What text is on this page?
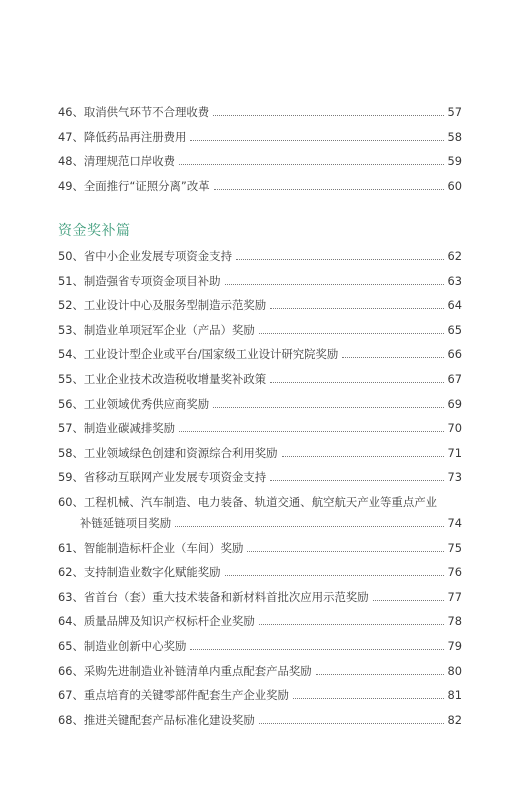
46、取消供气环节不合理收费	57
47、降低药品再注册费用	58
48、清理规范口岸收费	59
49、全面推行“证照分离”改革	60
资金奖补篇
50、省中小企业发展专项资金支持	62
51、制造强省专项资金项目补助	63
52、工业设计中心及服务型制造示范奖励	64
53、制造业单项冠军企业（产品）奖励	65
54、工业设计型企业或平台/国家级工业设计研究院奖励	66
55、工业企业技术改造税收增量奖补政策	67
56、工业领域优秀供应商奖励	69
57、制造业碳减排奖励	70
58、工业领域绿色创建和资源综合利用奖励	71
59、省移动互联网产业发展专项资金支持	73
60、工程机械、汽车制造、电力装备、轨道交通、航空航天产业等重点产业
补链延链项目奖励	74
61、智能制造标杆企业（车间）奖励	75
62、支持制造业数字化赋能奖励	76
63、省首台（套）重大技术装备和新材料首批次应用示范奖励	77
64、质量品牌及知识产权标杆企业奖励	78
65、制造业创新中心奖励	79
66、采购先进制造业补链清单内重点配套产品奖励	80
67、重点培育的关键零部件配套生产企业奖励	81
68、推进关键配套产品标准化建设奖励	82
